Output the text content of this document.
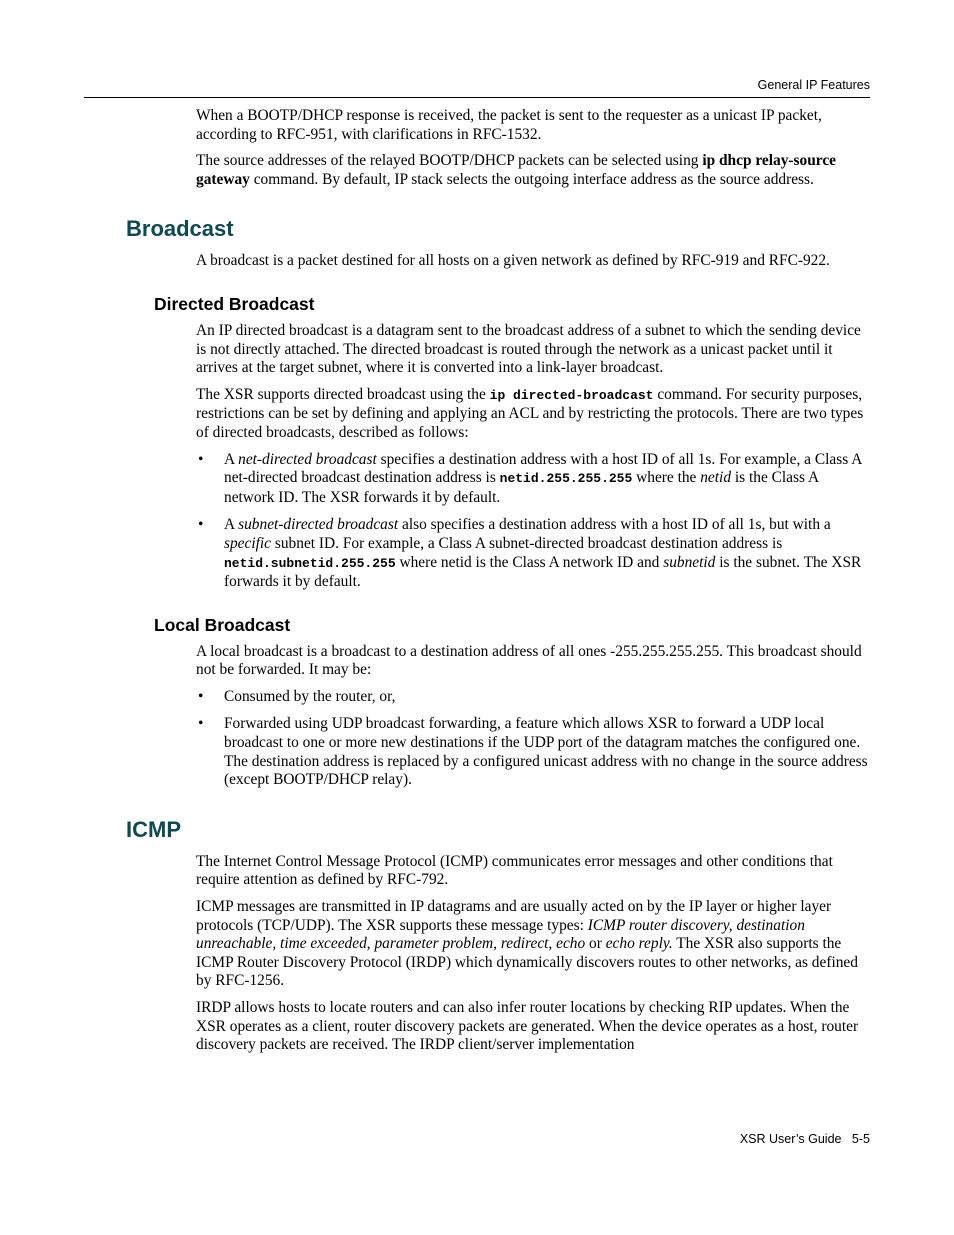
General IP Features

When a BOOTP/DHCP response is received, the packet is sent to the requester as a unicast IP packet, according to RFC-951, with clarifications in RFC-1532.

The source addresses of the relayed BOOTP/DHCP packets can be selected using ip dhcp relay-source gateway command. By default, IP stack selects the outgoing interface address as the source address.

Broadcast

A broadcast is a packet destined for all hosts on a given network as defined by RFC-919 and RFC-922.

Directed Broadcast

An IP directed broadcast is a datagram sent to the broadcast address of a subnet to which the sending device is not directly attached. The directed broadcast is routed through the network as a unicast packet until it arrives at the target subnet, where it is converted into a link-layer broadcast.

The XSR supports directed broadcast using the ip directed-broadcast command. For security purposes, restrictions can be set by defining and applying an ACL and by restricting the protocols. There are two types of directed broadcasts, described as follows:

• A net-directed broadcast specifies a destination address with a host ID of all 1s. For example, a Class A net-directed broadcast destination address is netid.255.255.255 where the netid is the Class A network ID. The XSR forwards it by default.
• A subnet-directed broadcast also specifies a destination address with a host ID of all 1s, but with a specific subnet ID. For example, a Class A subnet-directed broadcast destination address is netid.subnetid.255.255 where netid is the Class A network ID and subnetid is the subnet. The XSR forwards it by default.
Local Broadcast

A local broadcast is a broadcast to a destination address of all ones -255.255.255.255. This broadcast should not be forwarded. It may be:

• Consumed by the router, or,
• Forwarded using UDP broadcast forwarding, a feature which allows XSR to forward a UDP local broadcast to one or more new destinations if the UDP port of the datagram matches the configured one. The destination address is replaced by a configured unicast address with no change in the source address (except BOOTP/DHCP relay).
ICMP

The Internet Control Message Protocol (ICMP) communicates error messages and other conditions that require attention as defined by RFC-792.

ICMP messages are transmitted in IP datagrams and are usually acted on by the IP layer or higher layer protocols (TCP/UDP). The XSR supports these message types: ICMP router discovery, destination unreachable, time exceeded, parameter problem, redirect, echo or echo reply. The XSR also supports the ICMP Router Discovery Protocol (IRDP) which dynamically discovers routes to other networks, as defined by RFC-1256.

IRDP allows hosts to locate routers and can also infer router locations by checking RIP updates. When the XSR operates as a client, router discovery packets are generated. When the device operates as a host, router discovery packets are received. The IRDP client/server implementation

XSR User’s Guide 5-5
